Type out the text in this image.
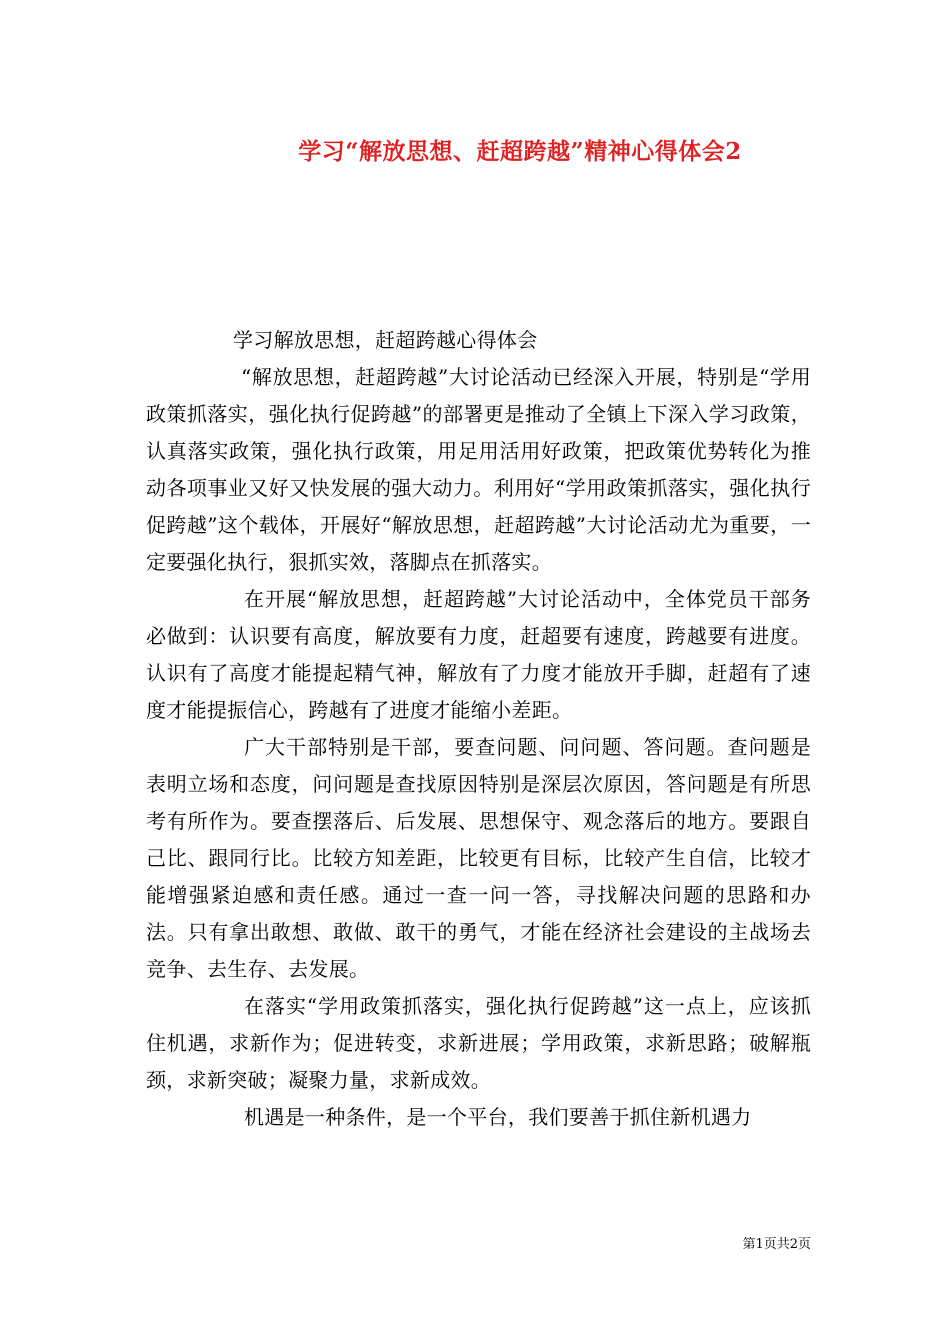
学习“解放思想、赶超跨越”精神心得体会2

学习解放思想，赶超跨越心得体会

“解放思想，赶超跨越”大讨论活动已经深入开展，特别是“学用政策抓落实，强化执行促跨越”的部署更是推动了全镇上下深入学习政策，认真落实政策，强化执行政策，用足用活用好政策，把政策优势转化为推动各项事业又好又快发展的强大动力。利用好“学用政策抓落实，强化执行促跨越”这个载体，开展好“解放思想，赶超跨越”大讨论活动尤为重要，一定要强化执行，狠抓实效，落脚点在抓落实。

在开展“解放思想，赶超跨越”大讨论活动中，全体党员干部务必做到：认识要有高度，解放要有力度，赶超要有速度，跨越要有进度。认识有了高度才能提起精气神，解放有了力度才能放开手脚，赶超有了速度才能提振信心，跨越有了进度才能缩小差距。

广大干部特别是干部，要查问题、问问题、答问题。查问题是表明立场和态度，问问题是查找原因特别是深层次原因，答问题是有所思考有所作为。要查摆落后、后发展、思想保守、观念落后的地方。要跟自己比、跟同行比。比较方知差距，比较更有目标，比较产生自信，比较才能增强紧迫感和责任感。通过一查一问一答，寻找解决问题的思路和办法。只有拿出敢想、敢做、敢干的勇气，才能在经济社会建设的主战场去竞争、去生存、去发展。

在落实“学用政策抓落实，强化执行促跨越”这一点上，应该抓住机遇，求新作为；促进转变，求新进展；学用政策，求新思路；破解瓶颈，求新突破；凝聚力量，求新成效。

机遇是一种条件，是一个平台，我们要善于抓住新机遇力

第1页共2页
